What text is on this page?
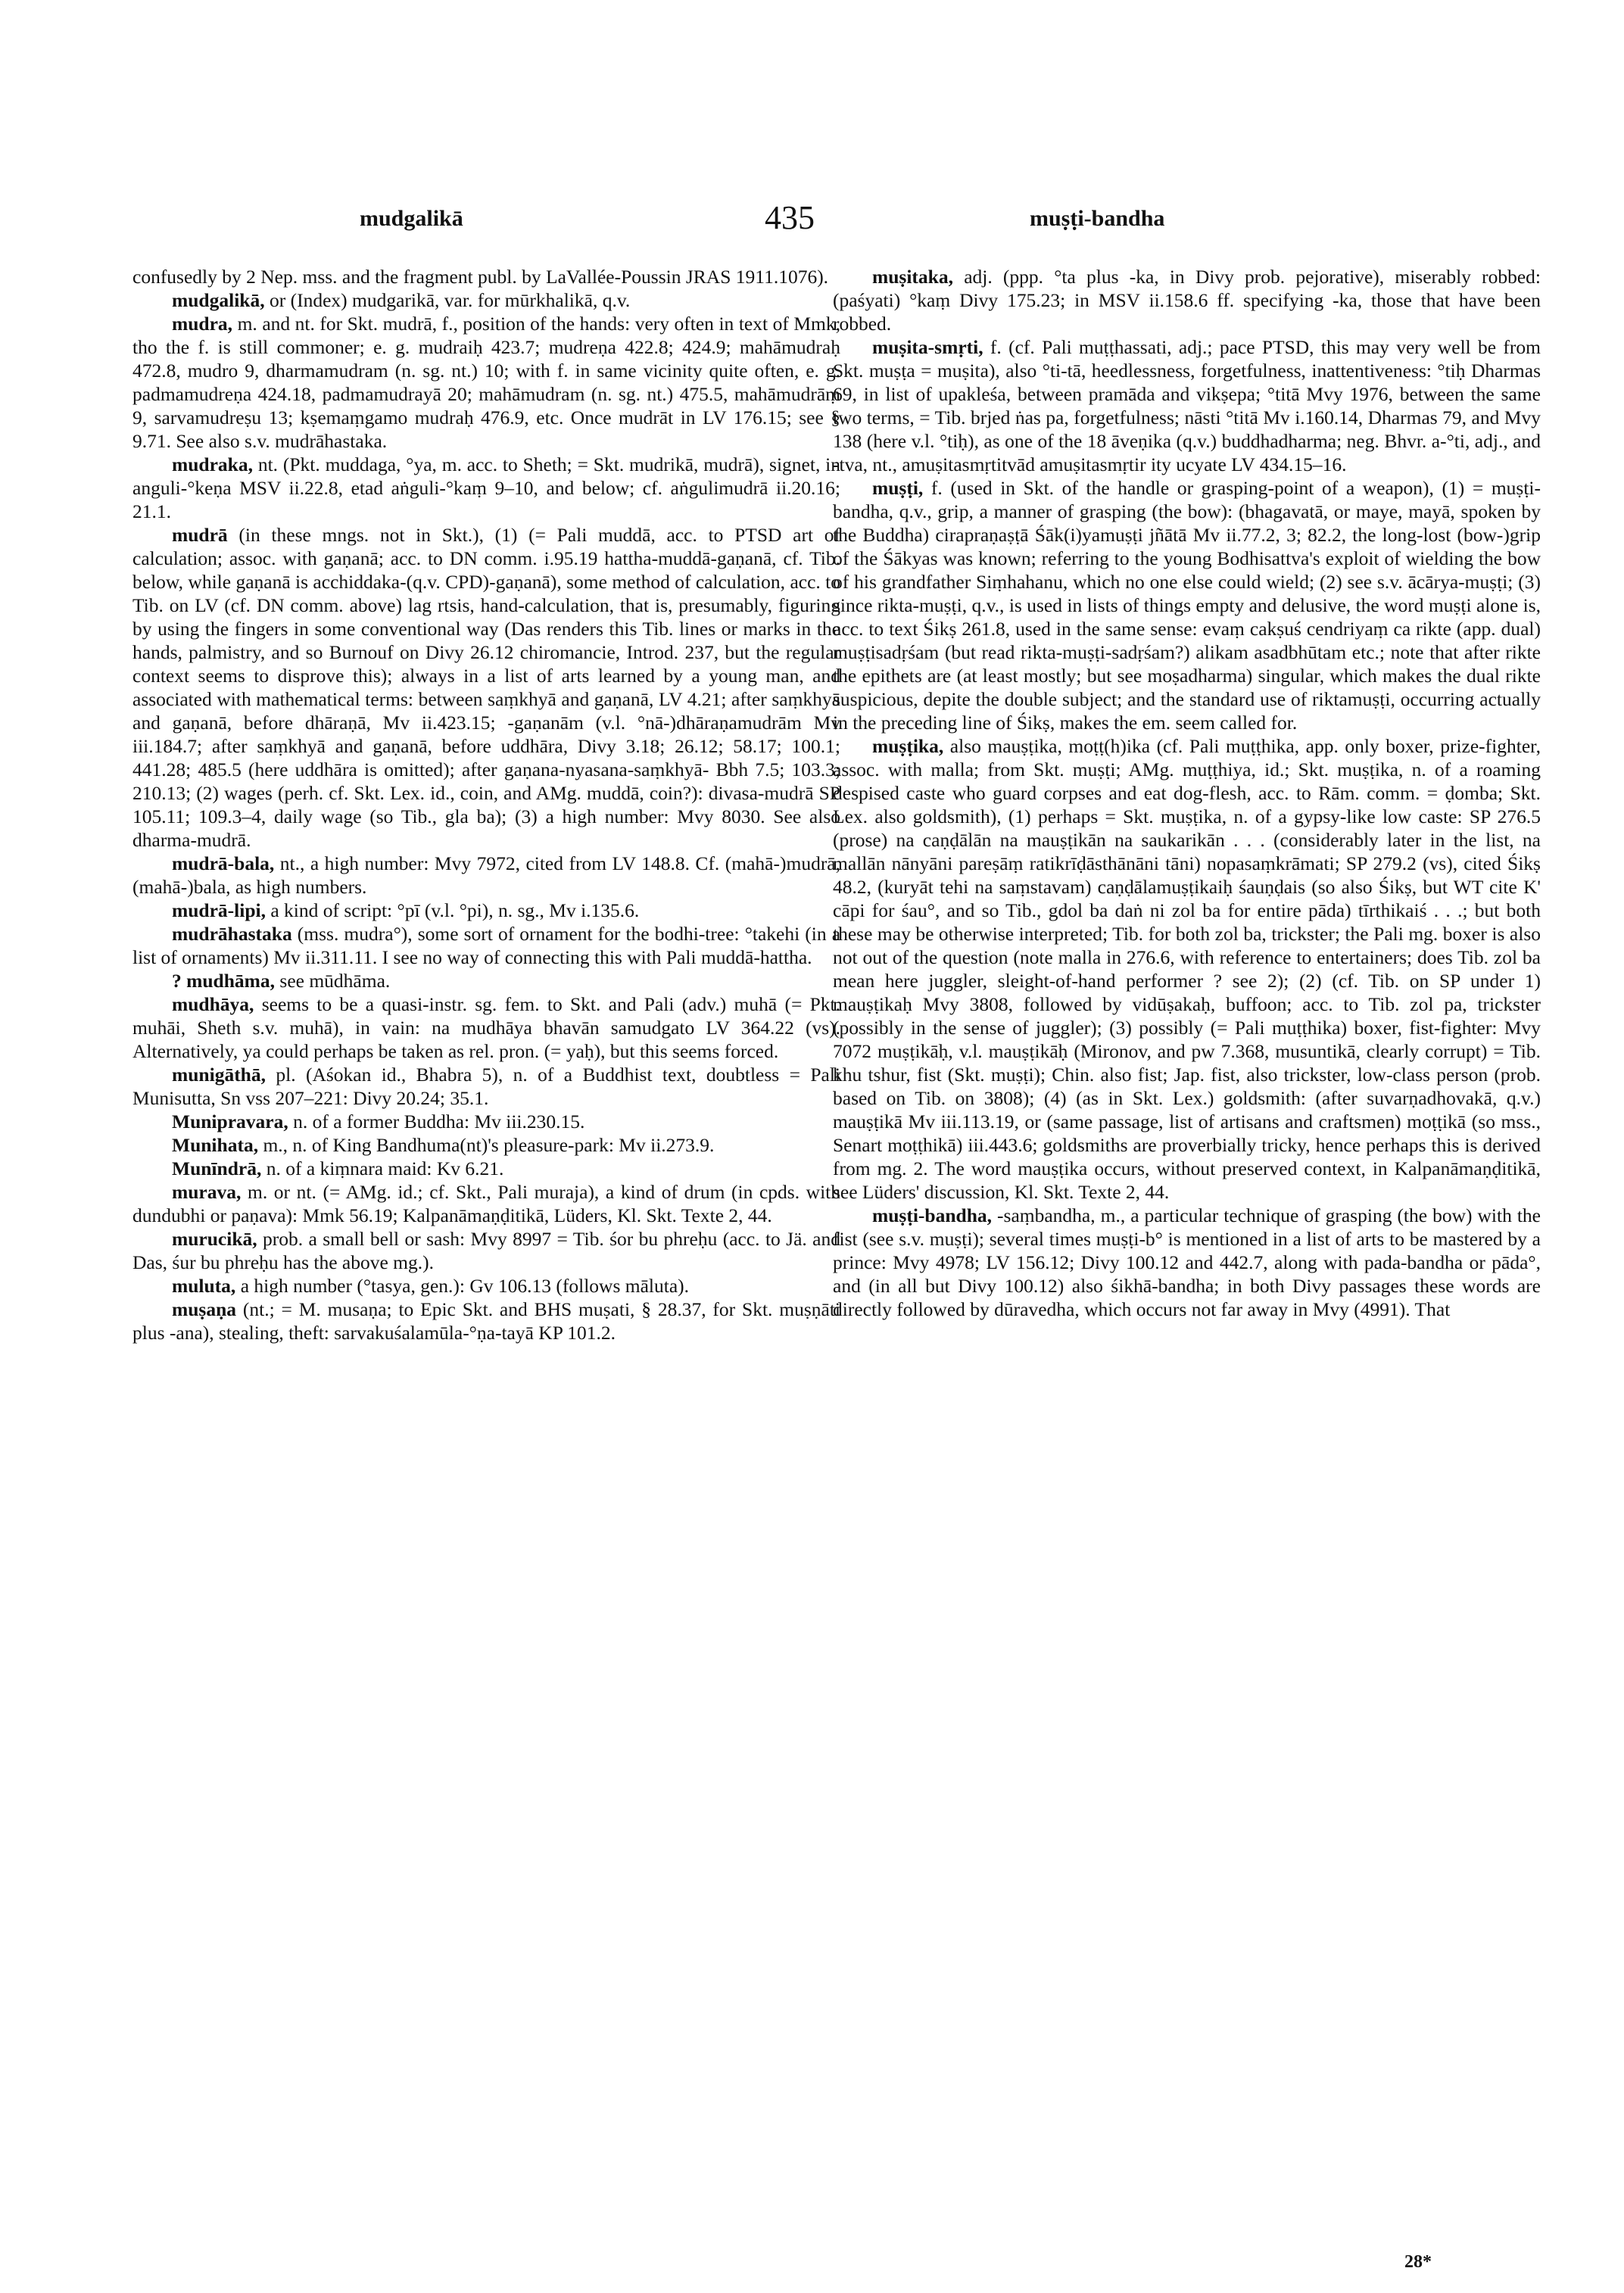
mudgalikā	435	muṣṭi-bandha

confusedly by 2 Nep. mss. and the fragment publ. by LaVallée-Poussin JRAS 1911.1076).

mudgalikā, or (Index) mudgarikā, var. for mūrkhalikā, q.v.

mudra, m. and nt. for Skt. mudrā, f., position of the hands: very often in text of Mmk, tho the f. is still commoner; e. g. mudraiḥ 423.7; mudreṇa 422.8; 424.9; mahāmudraḥ 472.8, mudro 9, dharmamudram (n. sg. nt.) 10; with f. in same vicinity quite often, e. g. padmamudreṇa 424.18, padmamudrayā 20; mahāmudram (n. sg. nt.) 475.5, mahāmudrāṃ 9, sarvamudreṣu 13; kṣemaṃgamo mudraḥ 476.9, etc. Once mudrāt in LV 176.15; see § 9.71. See also s.v. mudrāhastaka.

mudraka, nt. (Pkt. muddaga, °ya, m. acc. to Sheth; = Skt. mudrikā, mudrā), signet, in anguli-°keṇa MSV ii.22.8, etad aṅguli-°kaṃ 9–10, and below; cf. aṅgulimudrā ii.20.16; 21.1.

mudrā (in these mngs. not in Skt.), (1) (= Pali muddā, acc. to PTSD art of calculation; assoc. with gaṇanā; acc. to DN comm. i.95.19 hattha-muddā-gaṇanā, cf. Tib. below, while gaṇanā is acchiddaka-(q.v. CPD)-gaṇanā), some method of calculation, acc. to Tib. on LV (cf. DN comm. above) lag rtsis, hand-calculation, that is, presumably, figuring by using the fingers in some conventional way (Das renders this Tib. lines or marks in the hands, palmistry, and so Burnouf on Divy 26.12 chiromancie, Introd. 237, but the regular context seems to disprove this); always in a list of arts learned by a young man, and associated with mathematical terms: between saṃkhyā and gaṇanā, LV 4.21; after saṃkhyā and gaṇanā, before dhāraṇā, Mv ii.423.15; -gaṇanām (v.l. °nā-)dhāraṇamudrām Mv iii.184.7; after saṃkhyā and gaṇanā, before uddhāra, Divy 3.18; 26.12; 58.17; 100.1; 441.28; 485.5 (here uddhāra is omitted); after gaṇana-nyasana-saṃkhyā- Bbh 7.5; 103.3; 210.13; (2) wages (perh. cf. Skt. Lex. id., coin, and AMg. muddā, coin?): divasa-mudrā SP 105.11; 109.3–4, daily wage (so Tib., gla ba); (3) a high number: Mvy 8030. See also dharma-mudrā.

mudrā-bala, nt., a high number: Mvy 7972, cited from LV 148.8. Cf. (mahā-)mudrā, (mahā-)bala, as high numbers.

mudrā-lipi, a kind of script: °pī (v.l. °pi), n. sg., Mv i.135.6.

mudrāhastaka (mss. mudra°), some sort of ornament for the bodhi-tree: °takehi (in a list of ornaments) Mv ii.311.11. I see no way of connecting this with Pali muddā-hattha.

? mudhāma, see mūdhāma.

mudhāya, seems to be a quasi-instr. sg. fem. to Skt. and Pali (adv.) muhā (= Pkt. muhāi, Sheth s.v. muhā), in vain: na mudhāya bhavān samudgato LV 364.22 (vs). Alternatively, ya could perhaps be taken as rel. pron. (= yaḥ), but this seems forced.

munigāthā, pl. (Aśokan id., Bhabra 5), n. of a Buddhist text, doubtless = Pali Munisutta, Sn vss 207–221: Divy 20.24; 35.1.

Munipravara, n. of a former Buddha: Mv iii.230.15.

Munihata, m., n. of King Bandhuma(nt)'s pleasure-park: Mv ii.273.9.

Munīndrā, n. of a kiṃnara maid: Kv 6.21.

murava, m. or nt. (= AMg. id.; cf. Skt., Pali muraja), a kind of drum (in cpds. with dundubhi or paṇava): Mmk 56.19; Kalpanāmaṇḍitikā, Lüders, Kl. Skt. Texte 2, 44.

murucikā, prob. a small bell or sash: Mvy 8997 = Tib. śor bu phreḥu (acc. to Jä. and Das, śur bu phreḥu has the above mg.).

muluta, a high number (°tasya, gen.): Gv 106.13 (follows māluta).

muṣaṇa (nt.; = M. musaṇa; to Epic Skt. and BHS muṣati, § 28.37, for Skt. muṣṇāti plus -ana), stealing, theft: sarvakuśalamūla-°ṇa-tayā KP 101.2.

muṣitaka, adj. (ppp. °ta plus -ka, in Divy prob. pejorative), miserably robbed: (paśyati) °kaṃ Divy 175.23; in MSV ii.158.6 ff. specifying -ka, those that have been robbed.

muṣita-smṛti, f. (cf. Pali muṭṭhassati, adj.; pace PTSD, this may very well be from Skt. muṣṭa = muṣita), also °ti-tā, heedlessness, forgetfulness, inattentiveness: °tiḥ Dharmas 69, in list of upakleśa, between pramāda and vikṣepa; °titā Mvy 1976, between the same two terms, = Tib. brjed ṅas pa, forgetfulness; nāsti °titā Mv i.160.14, Dharmas 79, and Mvy 138 (here v.l. °tiḥ), as one of the 18 āveṇika (q.v.) buddhadharma; neg. Bhvr. a-°ti, adj., and -tva, nt., amuṣitasmṛtitvād amuṣitasmṛtir ity ucyate LV 434.15–16.

muṣṭi, f. (used in Skt. of the handle or grasping-point of a weapon), (1) = muṣṭi-bandha, q.v., grip, a manner of grasping (the bow): (bhagavatā, or maye, mayā, spoken by the Buddha) cirapraṇaṣṭā Śāk(i)yamuṣṭi jñātā Mv ii.77.2, 3; 82.2, the long-lost (bow-)grip of the Śākyas was known; referring to the young Bodhisattva's exploit of wielding the bow of his grandfather Siṃhahanu, which no one else could wield; (2) see s.v. ācārya-muṣṭi; (3) since rikta-muṣṭi, q.v., is used in lists of things empty and delusive, the word muṣṭi alone is, acc. to text Śikṣ 261.8, used in the same sense: evaṃ cakṣuś cendriyaṃ ca rikte (app. dual) muṣṭisadṛśam (but read rikta-muṣṭi-sadṛśam?) alikam asadbhūtam etc.; note that after rikte the epithets are (at least mostly; but see moṣadharma) singular, which makes the dual rikte suspicious, depite the double subject; and the standard use of riktamuṣṭi, occurring actually in the preceding line of Śikṣ, makes the em. seem called for.

muṣṭika, also mauṣṭika, moṭṭ(h)ika (cf. Pali muṭṭhika, app. only boxer, prize-fighter, assoc. with malla; from Skt. muṣṭi; AMg. muṭṭhiya, id.; Skt. muṣṭika, n. of a roaming despised caste who guard corpses and eat dog-flesh, acc. to Rām. comm. = ḍomba; Skt. Lex. also goldsmith), (1) perhaps = Skt. muṣṭika, n. of a gypsy-like low caste: SP 276.5 (prose) na caṇḍālān na mauṣṭikān na saukarikān . . . (considerably later in the list, na mallān nānyāni pareṣāṃ ratikrīḍāsthānāni tāni) nopasaṃkrāmati; SP 279.2 (vs), cited Śikṣ 48.2, (kuryāt tehi na saṃstavam) caṇḍālamuṣṭikaiḥ śauṇḍais (so also Śikṣ, but WT cite K' cāpi for śau°, and so Tib., gdol ba daṅ ni zol ba for entire pāda) tīrthikaiś . . .; but both these may be otherwise interpreted; Tib. for both zol ba, trickster; the Pali mg. boxer is also not out of the question (note malla in 276.6, with reference to entertainers; does Tib. zol ba mean here juggler, sleight-of-hand performer ? see 2); (2) (cf. Tib. on SP under 1) mauṣṭikaḥ Mvy 3808, followed by vidūṣakaḥ, buffoon; acc. to Tib. zol pa, trickster (possibly in the sense of juggler); (3) possibly (= Pali muṭṭhika) boxer, fist-fighter: Mvy 7072 muṣṭikāḥ, v.l. mauṣṭikāḥ (Mironov, and pw 7.368, musuntikā, clearly corrupt) = Tib. khu tshur, fist (Skt. muṣṭi); Chin. also fist; Jap. fist, also trickster, low-class person (prob. based on Tib. on 3808); (4) (as in Skt. Lex.) goldsmith: (after suvarṇadhovakā, q.v.) mauṣṭikā Mv iii.113.19, or (same passage, list of artisans and craftsmen) moṭṭikā (so mss., Senart moṭṭhikā) iii.443.6; goldsmiths are proverbially tricky, hence perhaps this is derived from mg. 2. The word mauṣṭika occurs, without preserved context, in Kalpanāmaṇḍitikā, see Lüders' discussion, Kl. Skt. Texte 2, 44.

muṣṭi-bandha, -saṃbandha, m., a particular technique of grasping (the bow) with the fist (see s.v. muṣṭi); several times muṣṭi-b° is mentioned in a list of arts to be mastered by a prince: Mvy 4978; LV 156.12; Divy 100.12 and 442.7, along with pada-bandha or pāda°, and (in all but Divy 100.12) also śikhā-bandha; in both Divy passages these words are directly followed by dūravedha, which occurs not far away in Mvy (4991). That

28*
